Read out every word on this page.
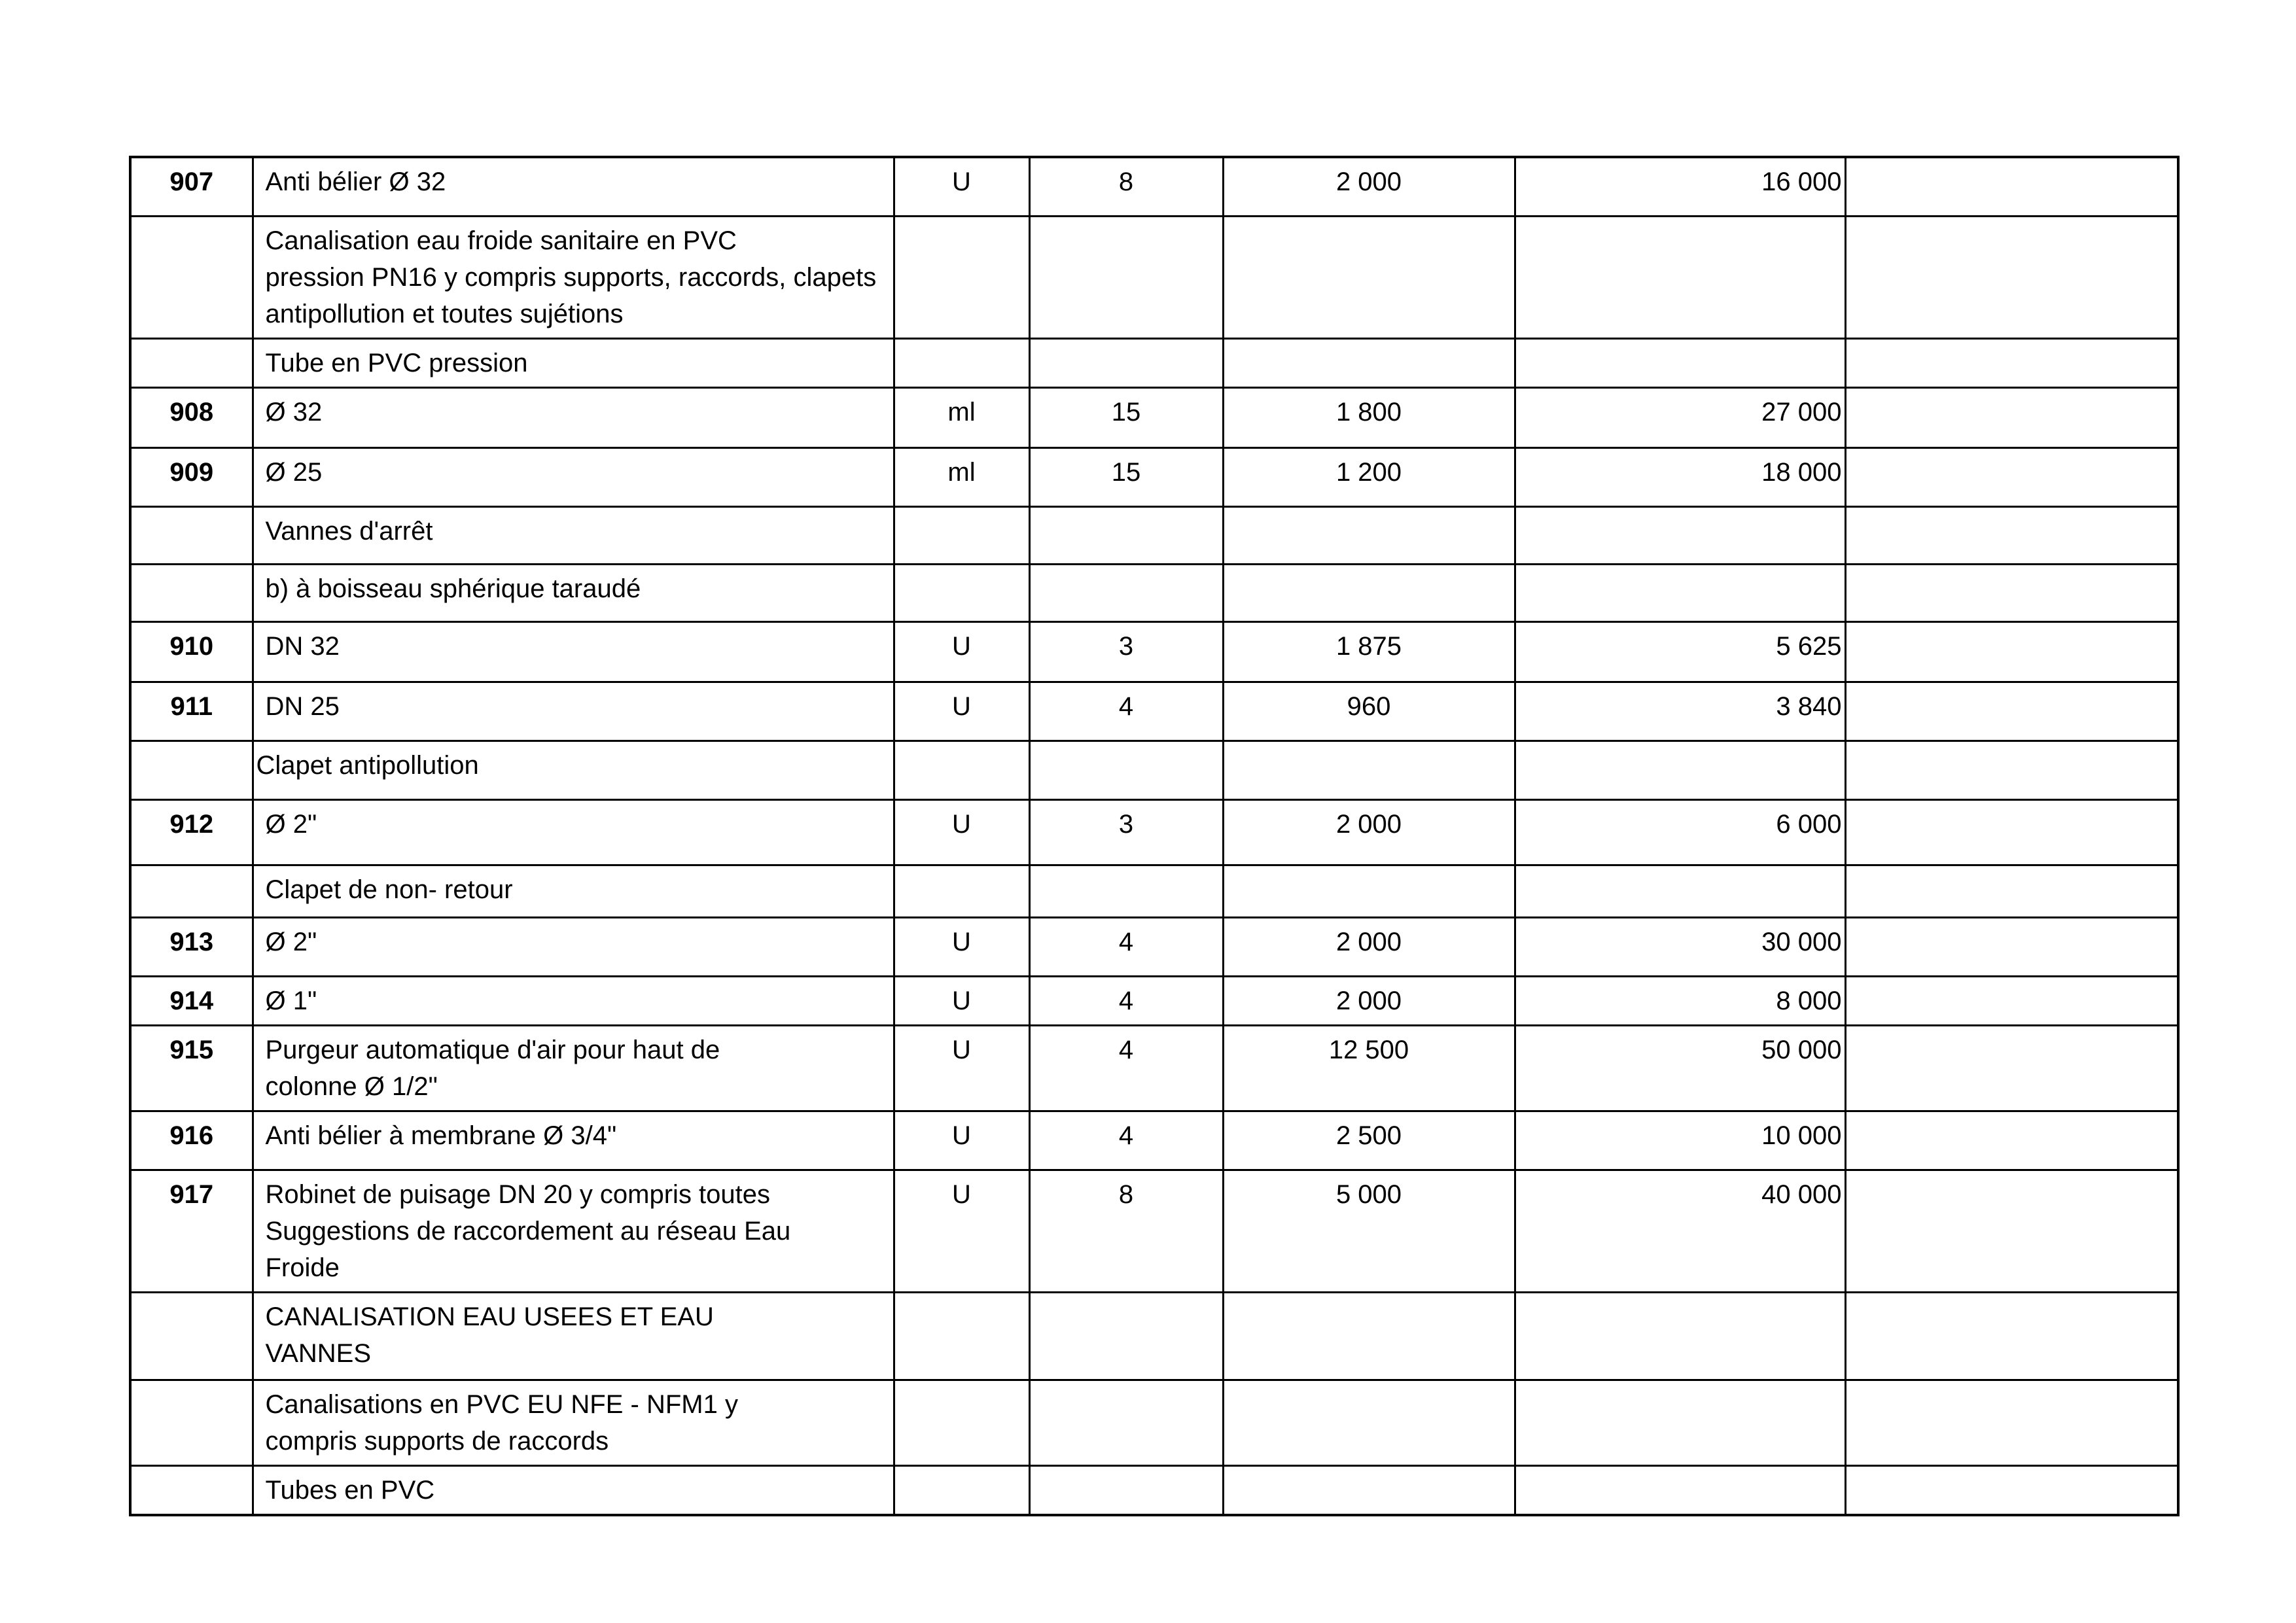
907	Anti bélier Ø 32	U	8	2 000	16 000	

	Canalisation eau froide sanitaire en PVC
pression PN16 y compris supports, raccords, clapets
antipollution et toutes sujétions					

	Tube en PVC pression					

908	Ø 32	ml	15	1 800	27 000	
909	Ø 25	ml	15	1 200	18 000	

	Vannes d'arrêt					

	b) à boisseau sphérique taraudé					

910	DN 32	U	3	1 875	5 625	
911	DN 25	U	4	960	3 840	

	Clapet antipollution					

912	Ø 2"	U	3	2 000	6 000	

	Clapet de non- retour					

913	Ø 2"	U	4	2 000	30 000	
914	Ø 1"	U	4	2 000	8 000	
915	Purgeur automatique d'air pour haut de
colonne Ø 1/2"	U	4	12 500	50 000	
916	Anti bélier à membrane Ø 3/4"	U	4	2 500	10 000	
917	Robinet de puisage DN 20 y compris toutes
Suggestions de raccordement au réseau Eau
Froide	U	8	5 000	40 000	

	CANALISATION EAU USEES ET EAU
VANNES					

	Canalisations en PVC EU NFE - NFM1 y
compris supports de raccords					

	Tubes en PVC					
